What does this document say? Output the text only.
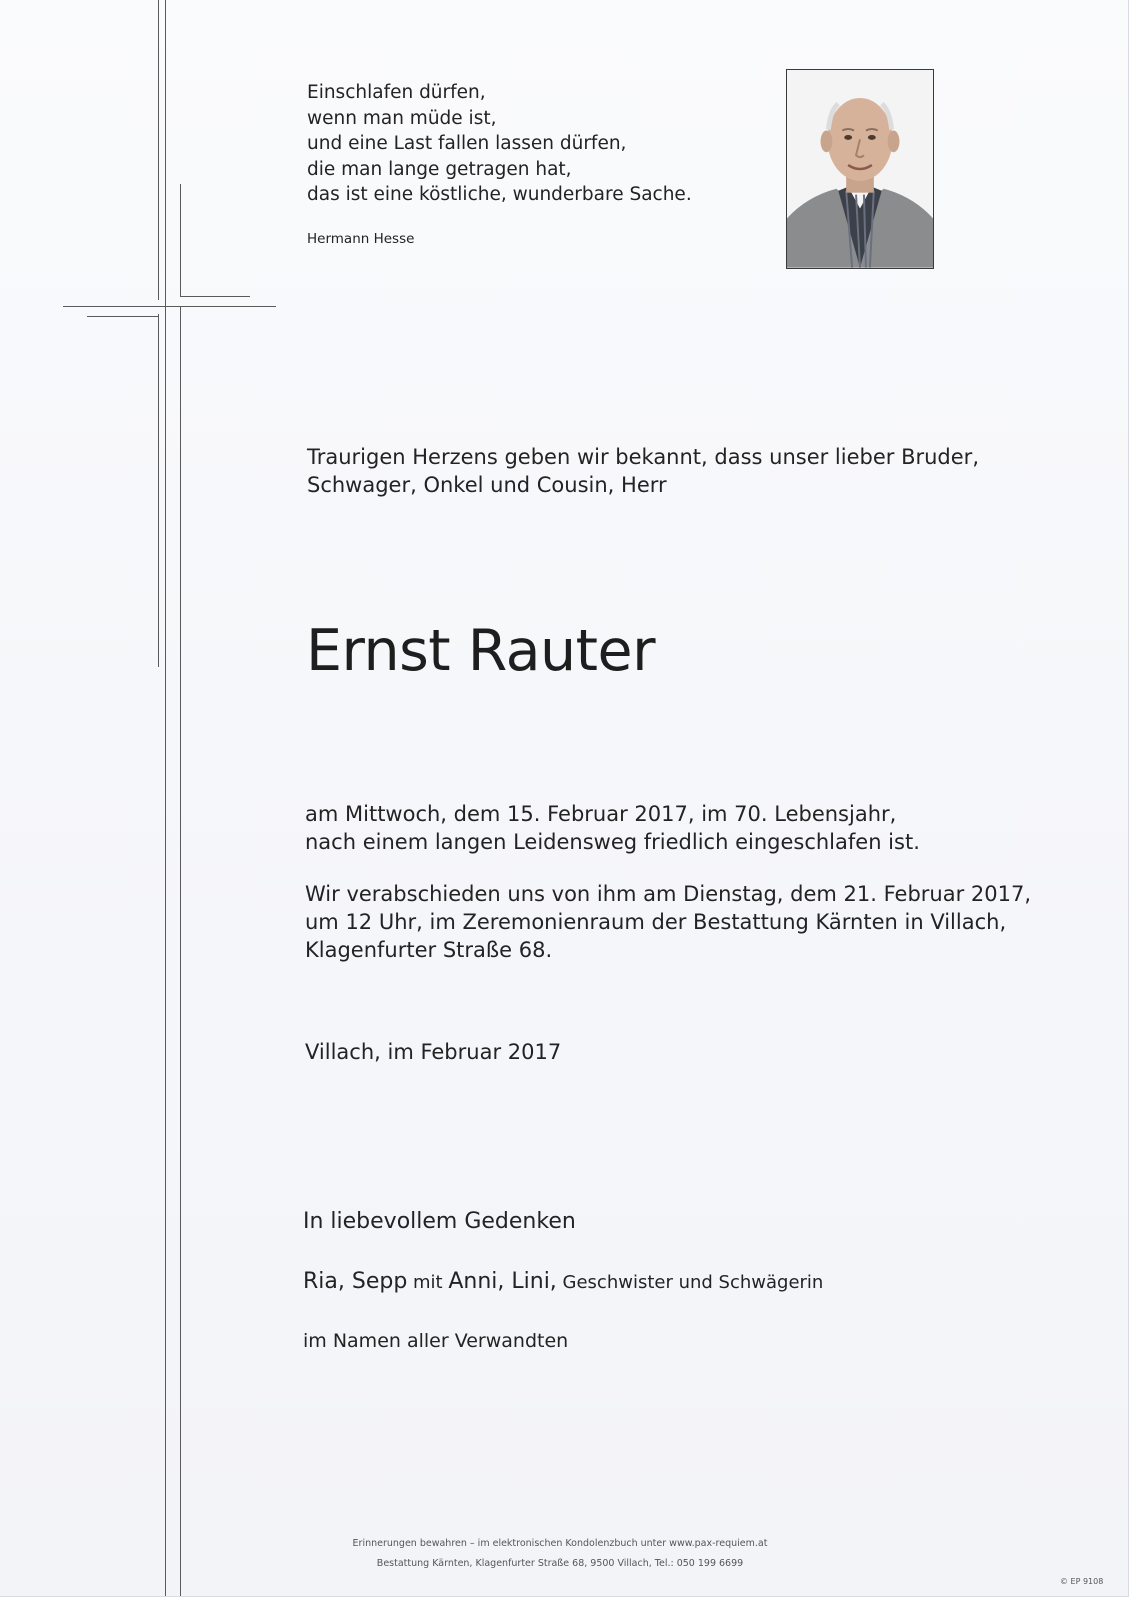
Einschlafen dürfen,
wenn man müde ist,
und eine Last fallen lassen dürfen,
die man lange getragen hat,
das ist eine köstliche, wunderbare Sache.

Hermann Hesse

Traurigen Herzens geben wir bekannt, dass unser lieber Bruder,
Schwager, Onkel und Cousin, Herr

Ernst Rauter

am Mittwoch, dem 15. Februar 2017, im 70. Lebensjahr,
nach einem langen Leidensweg friedlich eingeschlafen ist.

Wir verabschieden uns von ihm am Dienstag, dem 21. Februar 2017,
um 12 Uhr, im Zeremonienraum der Bestattung Kärnten in Villach,
Klagenfurter Straße 68.

Villach, im Februar 2017

In liebevollem Gedenken

Ria, Sepp mit Anni, Lini, Geschwister und Schwägerin

im Namen aller Verwandten

Erinnerungen bewahren – im elektronischen Kondolenzbuch unter www.pax-requiem.at

Bestattung Kärnten, Klagenfurter Straße 68, 9500 Villach, Tel.: 050 199 6699

© EP 9108
